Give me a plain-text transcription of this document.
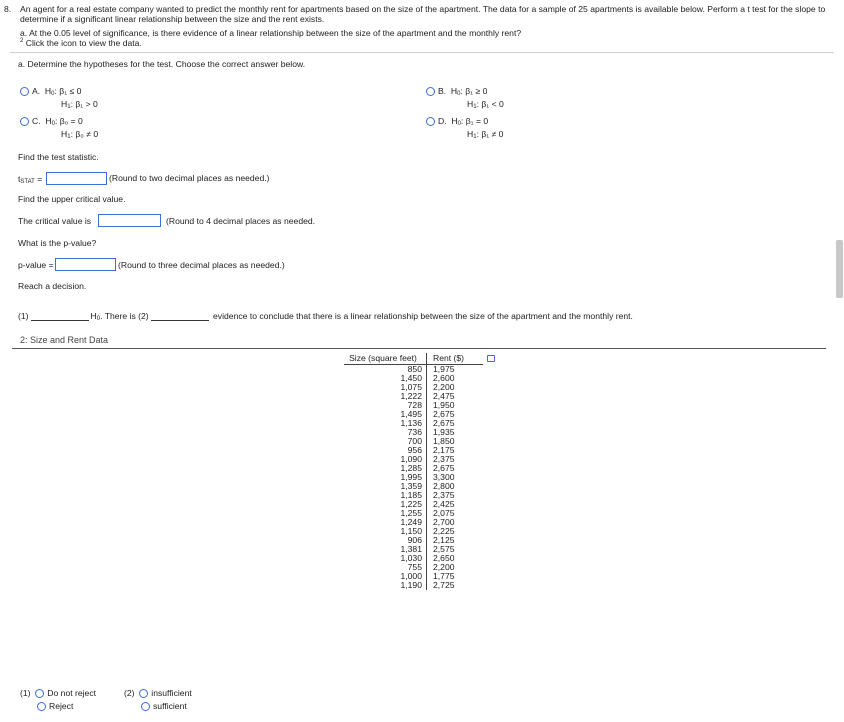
8. An agent for a real estate company wanted to predict the monthly rent for apartments based on the size of the apartment. The data for a sample of 25 apartments is available below. Perform a t test for the slope to
determine if a significant linear relationship between the size and the rent exists.
a. At the 0.05 level of significance, is there evidence of a linear relationship between the size of the apartment and the monthly rent?
$^2$ Click the icon to view the data.
a. Determine the hypotheses for the test. Choose the correct answer below.
A. H0: β₁ ≤ 0
H1: β₁ > 0
C. H0: β₀ = 0
H1: β₀ ≠ 0
B. H0: β₁ ≥ 0
H1: β₁ < 0
D. H0: β₁ = 0
H1: β₁ ≠ 0
Find the test statistic.
tSTAT =	(Round to two decimal places as needed.)
Find the upper critical value.
The critical value is	(Round to 4 decimal places as needed.
What is the p-value?
p-value =	(Round to three decimal places as needed.)
Reach a decision.
(1)	H0. There is (2)	evidence to conclude that there is a linear relationship between the size of the apartment and the monthly rent.
2: Size and Rent Data
Size (square feet)	Rent ($)
850	1,975
1,450	2,600
1,075	2,200
1,222	2,475
728	1,950
1,495	2,675
1,136	2,675
736	1,935
700	1,850
956	2,175
1,090	2,375
1,285	2,675
1,995	3,300
1,359	2,800
1,185	2,375
1,225	2,425
1,255	2,075
1,249	2,700
1,150	2,225
906	2,125
1,381	2,575
1,030	2,650
755	2,200
1,000	1,775
1,190	2,725
(1) Do not reject
Reject
(2) insufficient
sufficient
